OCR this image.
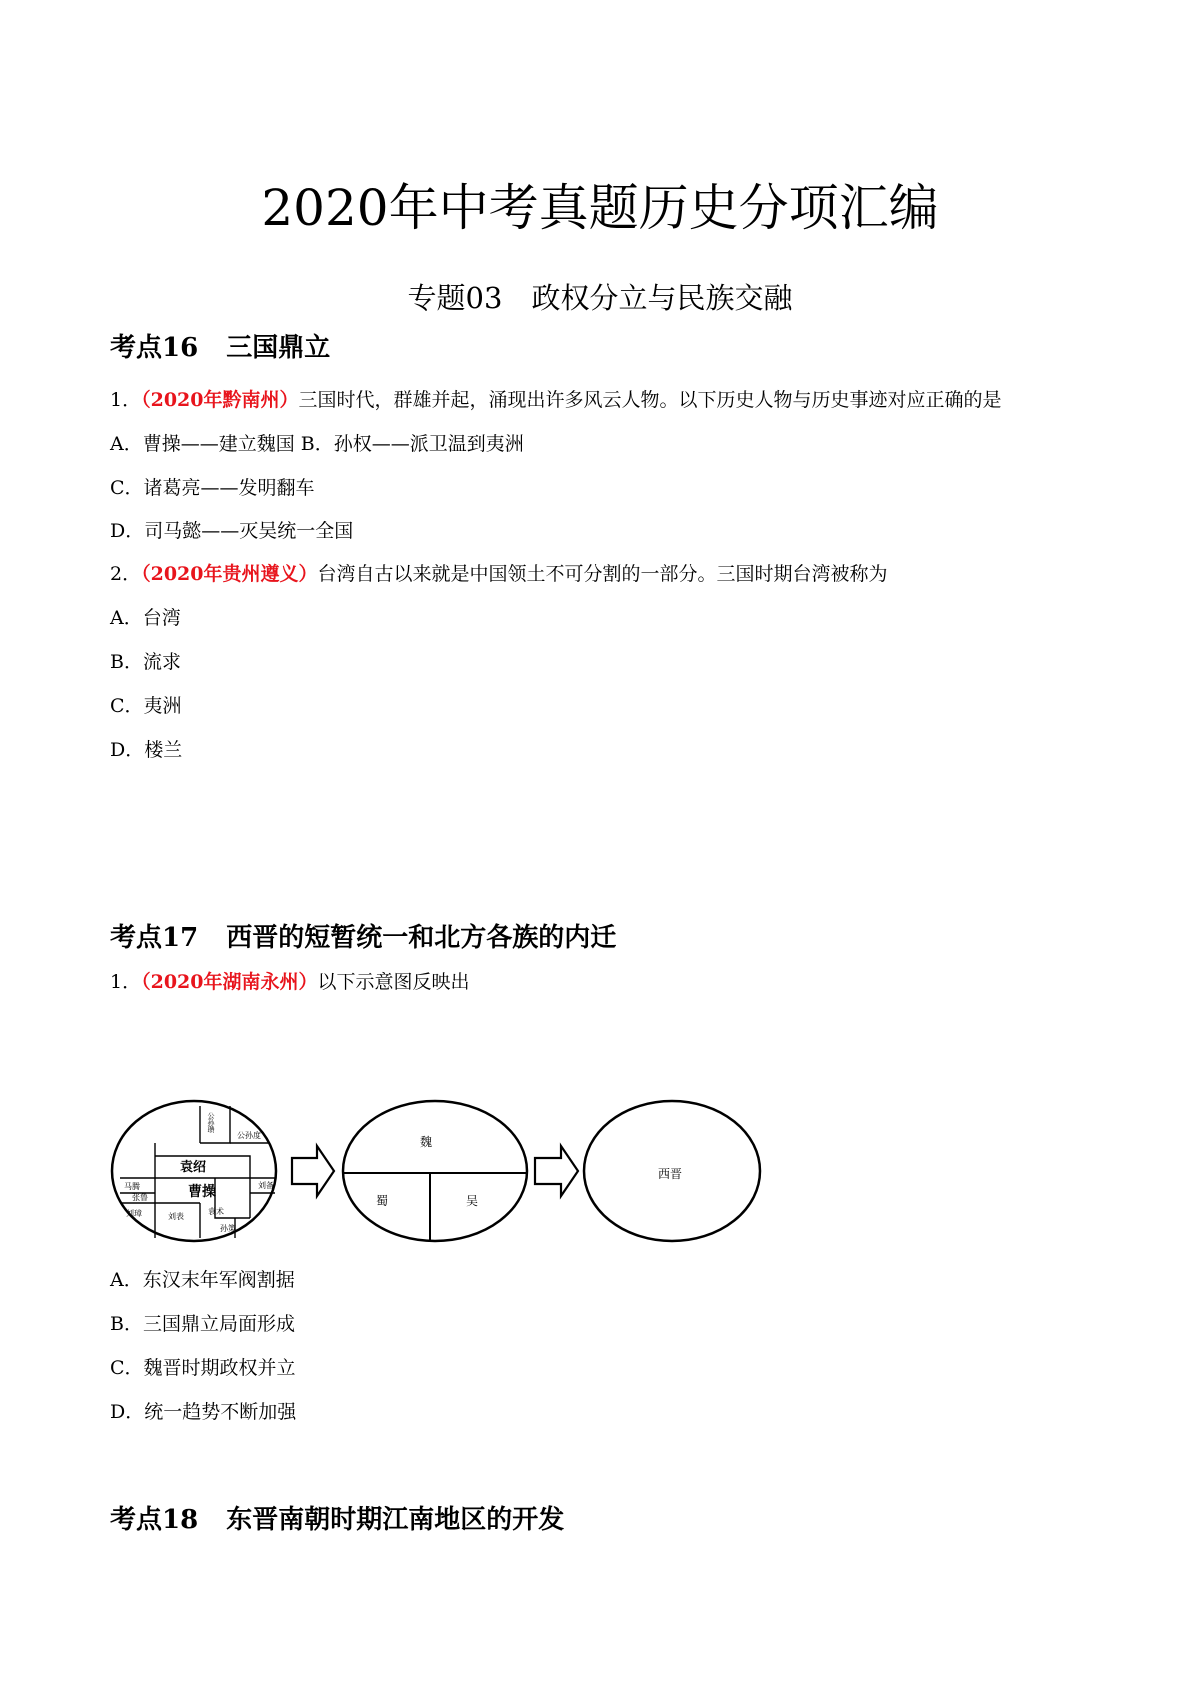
2020年中考真题历史分项汇编
专题03　政权分立与民族交融
考点16 三国鼎立
1．（2020年黔南州）三国时代，群雄并起，涌现出许多风云人物。以下历史人物与历史事迹对应正确的是
A．曹操——建立魏国 B．孙权——派卫温到夷洲
C．诸葛亮——发明翻车
D．司马懿——灭吴统一全国
2．（2020年贵州遵义）台湾自古以来就是中国领土不可分割的一部分。三国时期台湾被称为
A．台湾
B．流求
C．夷洲
D．楼兰
考点17 西晋的短暂统一和北方各族的内迁
1．（2020年湖南永州）以下示意图反映出
公孙瓒
公孙度
袁绍
曹操
马腾
张鲁
刘璋	刘表
袁术
刘备
孙策
魏
蜀	吴
西晋
A．东汉末年军阀割据
B．三国鼎立局面形成
C．魏晋时期政权并立
D．统一趋势不断加强
考点18 东晋南朝时期江南地区的开发
